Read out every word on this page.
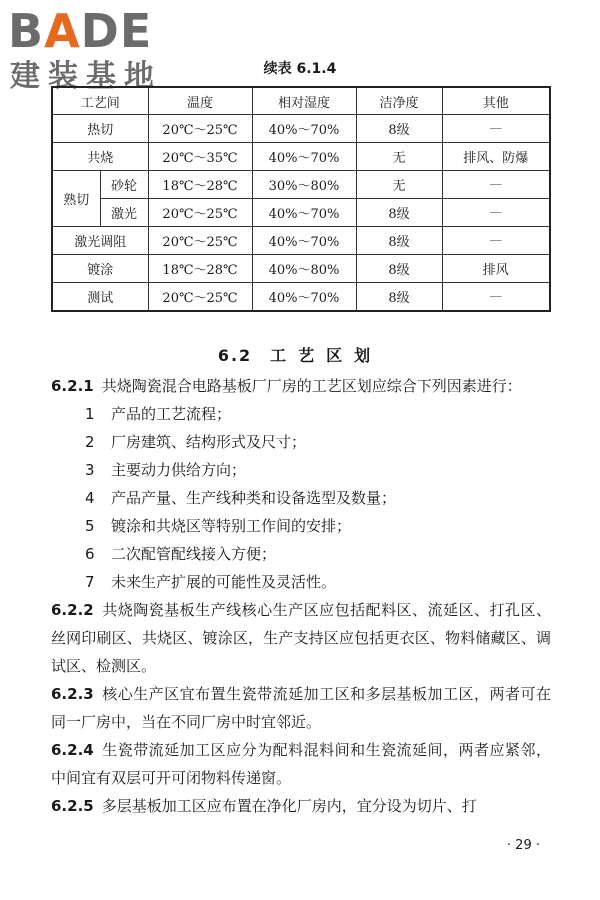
BADE
建装基地	续表 6.1.4
工艺间		温度	相对湿度	洁净度	其他
热切		20℃～25℃	40%～70%	8级	—
共烧		20℃～35℃	40%～70%	无	排风、防爆
熟切	砂轮	18℃～28℃	30%～80%	无	—
	激光	20℃～25℃	40%～70%	8级	—
激光调阻		20℃～25℃	40%～70%	8级	—
镀涂		18℃～28℃	40%～80%	8级	排风
测试		20℃～25℃	40%～70%	8级	—
6.2 工艺区划

6.2.1 共烧陶瓷混合电路基板厂厂房的工艺区划应综合下列因素进行：

1 产品的工艺流程；

2 厂房建筑、结构形式及尺寸；

3 主要动力供给方向；

4 产品产量、生产线种类和设备选型及数量；

5 镀涂和共烧区等特别工作间的安排；

6 二次配管配线接入方便；

7 未来生产扩展的可能性及灵活性。

6.2.2 共烧陶瓷基板生产线核心生产区应包括配料区、流延区、打孔区、丝网印刷区、共烧区、镀涂区，生产支持区应包括更衣区、物料储藏区、调试区、检测区。

6.2.3 核心生产区宜布置生瓷带流延加工区和多层基板加工区，两者可在同一厂房中，当在不同厂房中时宜邻近。

6.2.4 生瓷带流延加工区应分为配料混料间和生瓷流延间，两者应紧邻，中间宜有双层可开可闭物料传递窗。

6.2.5 多层基板加工区应布置在净化厂房内，宜分设为切片、打

· 29 ·
